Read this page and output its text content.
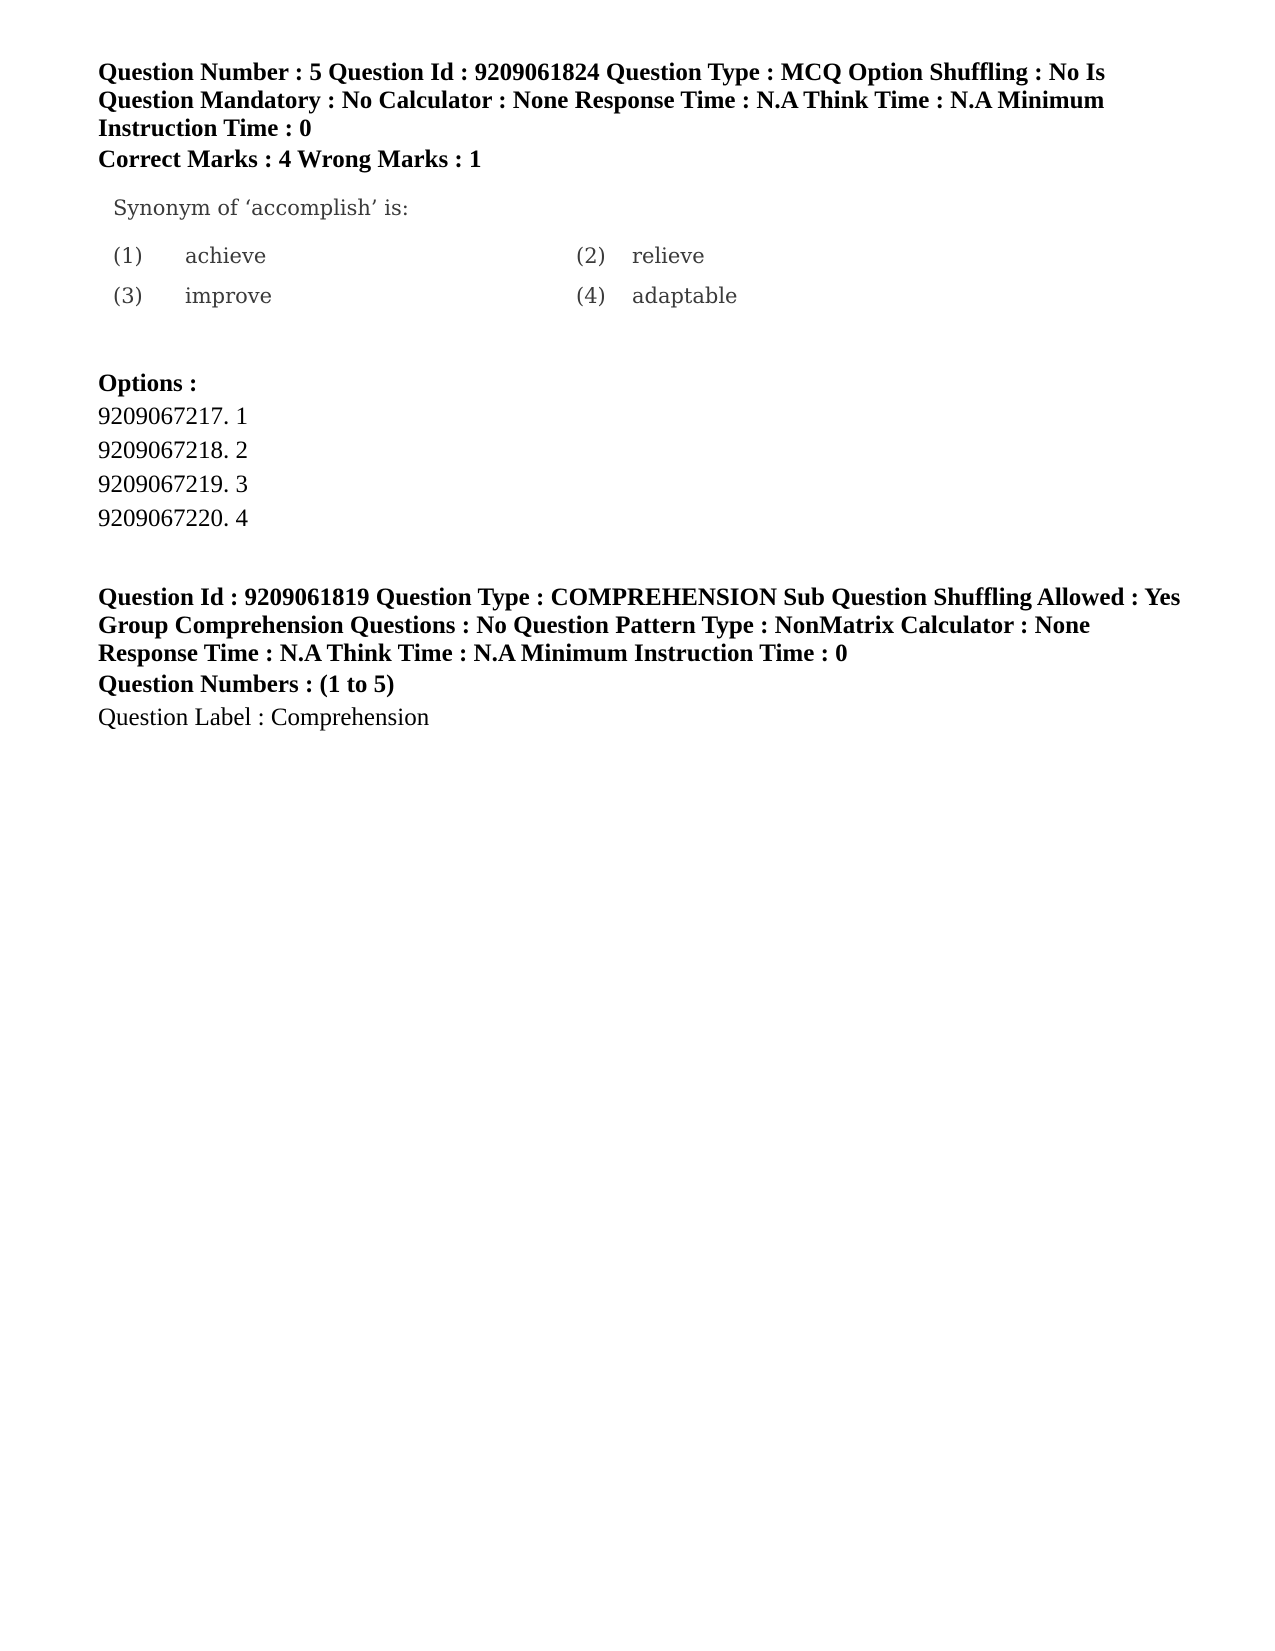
Question Number : 5 Question Id : 9209061824 Question Type : MCQ Option Shuffling : No Is

Question Mandatory : No Calculator : None Response Time : N.A Think Time : N.A Minimum

Instruction Time : 0

Correct Marks : 4 Wrong Marks : 1

Synonym of ‘accomplish’ is:
(1) achieve	(2) relieve
(3) improve	(4) adaptable

Options :

9209067217. 1

9209067218. 2

9209067219. 3

9209067220. 4

Question Id : 9209061819 Question Type : COMPREHENSION Sub Question Shuffling Allowed : Yes

Group Comprehension Questions : No Question Pattern Type : NonMatrix Calculator : None

Response Time : N.A Think Time : N.A Minimum Instruction Time : 0

Question Numbers : (1 to 5)

Question Label : Comprehension
